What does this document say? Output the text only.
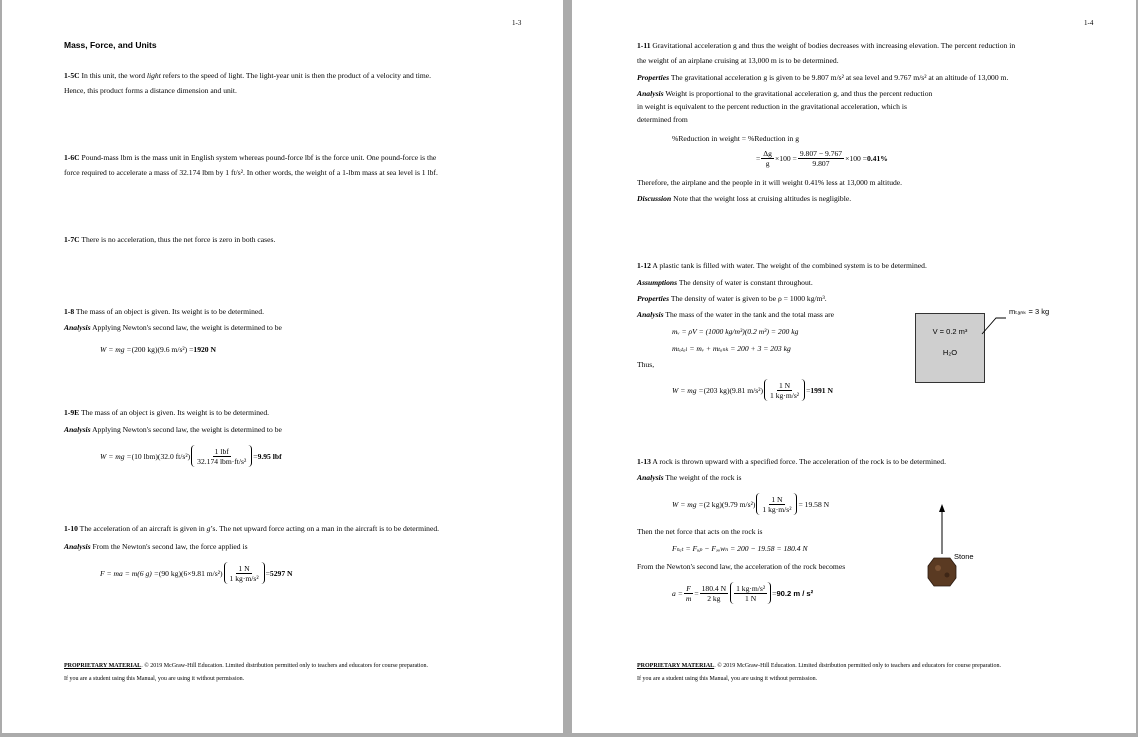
1-3
Mass, Force, and Units
1-5C In this unit, the word light refers to the speed of light. The light-year unit is then the product of a velocity and time.
Hence, this product forms a distance dimension and unit.
1-6C Pound-mass lbm is the mass unit in English system whereas pound-force lbf is the force unit. One pound-force is the
force required to accelerate a mass of 32.174 lbm by 1 ft/s². In other words, the weight of a 1-lbm mass at sea level is 1 lbf.
1-7C There is no acceleration, thus the net force is zero in both cases.
1-8 The mass of an object is given. Its weight is to be determined.
Analysis Applying Newton's second law, the weight is determined to be
W = mg = (200 kg)(9.6 m/s²) = 1920 N
1-9E The mass of an object is given. Its weight is to be determined.
Analysis Applying Newton's second law, the weight is determined to be
W = mg = (10 lbm)(32.0 $ft/s^2) \frac{\text{1 lbf}}{\text{32.174 lbm·ft/s²}} = 9.95$ lbf
1-10 The acceleration of an aircraft is given in g’s. The net upward force acting on a man in the aircraft is to be determined.
Analysis From the Newton's second law, the force applied is
F = ma = m(6 g) = (90 kg)(6×9.81 $m/s^2) \frac{1 N}{\text{1 kg·m/s²}} = 5297$ N
PROPRIETARY MATERIAL. © 2019 McGraw-Hill Education. Limited distribution permitted only to teachers and educators for course preparation.
If you are a student using this Manual, you are using it without permission.
1-4
1-11 Gravitational acceleration g and thus the weight of bodies decreases with increasing elevation. The percent reduction in
the weight of an airplane cruising at 13,000 m is to be determined.
Properties The gravitational acceleration g is given to be 9.807 m/s² at sea level and 9.767 m/s² at an altitude of 13,000 m.
Analysis Weight is proportional to the gravitational acceleration g, and thus the percent reduction
in weight is equivalent to the percent reduction in the gravitational acceleration, which is
determined from
%Reduction in weight = %Reduction in g
= $\frac{\Delta g}{g} \times 100 = \frac{9.807 - 9.767}{9.807} \times 100 = 0.41\%$
Therefore, the airplane and the people in it will weight 0.41% less at 13,000 m altitude.
Discussion Note that the weight loss at cruising altitudes is negligible.
1-12 A plastic tank is filled with water. The weight of the combined system is to be determined.
Assumptions The density of water is constant throughout.
Properties The density of water is given to be ρ = 1000 kg/m³.
Analysis The mass of the water in the tank and the total mass are
mᵥ = ρV = (1000 kg/m³)(0.2 m³) = 200 kg
mₜₒₜₐₗ = mᵥ + mₜₐₙₖ = 200 + 3 = 203 kg
Thus,
W = mg = (203 kg)(9.81 $m/s^2) \frac{1 N}{\text{1 kg·m/s²}} = 1991$ N
V = 0.2 m³
H₂O
mₜₐₙₖ = 3 kg
1-13 A rock is thrown upward with a specified force. The acceleration of the rock is to be determined.
Analysis The weight of the rock is
W = mg = (2 kg)(9.79 $m/s^2) \frac{1 N}{\text{1 kg·m/s²}} = 19.58$ N
Then the net force that acts on the rock is
Fₙₑₜ = Fᵤₚ − Fₔₒwₙ = 200 − 19.58 = 180.4 N
From the Newton's second law, the acceleration of the rock becomes
$a = \frac{F}{m} = \frac{180.4 N}{2 kg} \frac{\text{1 kg·m/s²}}{1 N} = 90.2$ m / s²
Stone
PROPRIETARY MATERIAL. © 2019 McGraw-Hill Education. Limited distribution permitted only to teachers and educators for course preparation.
If you are a student using this Manual, you are using it without permission.
